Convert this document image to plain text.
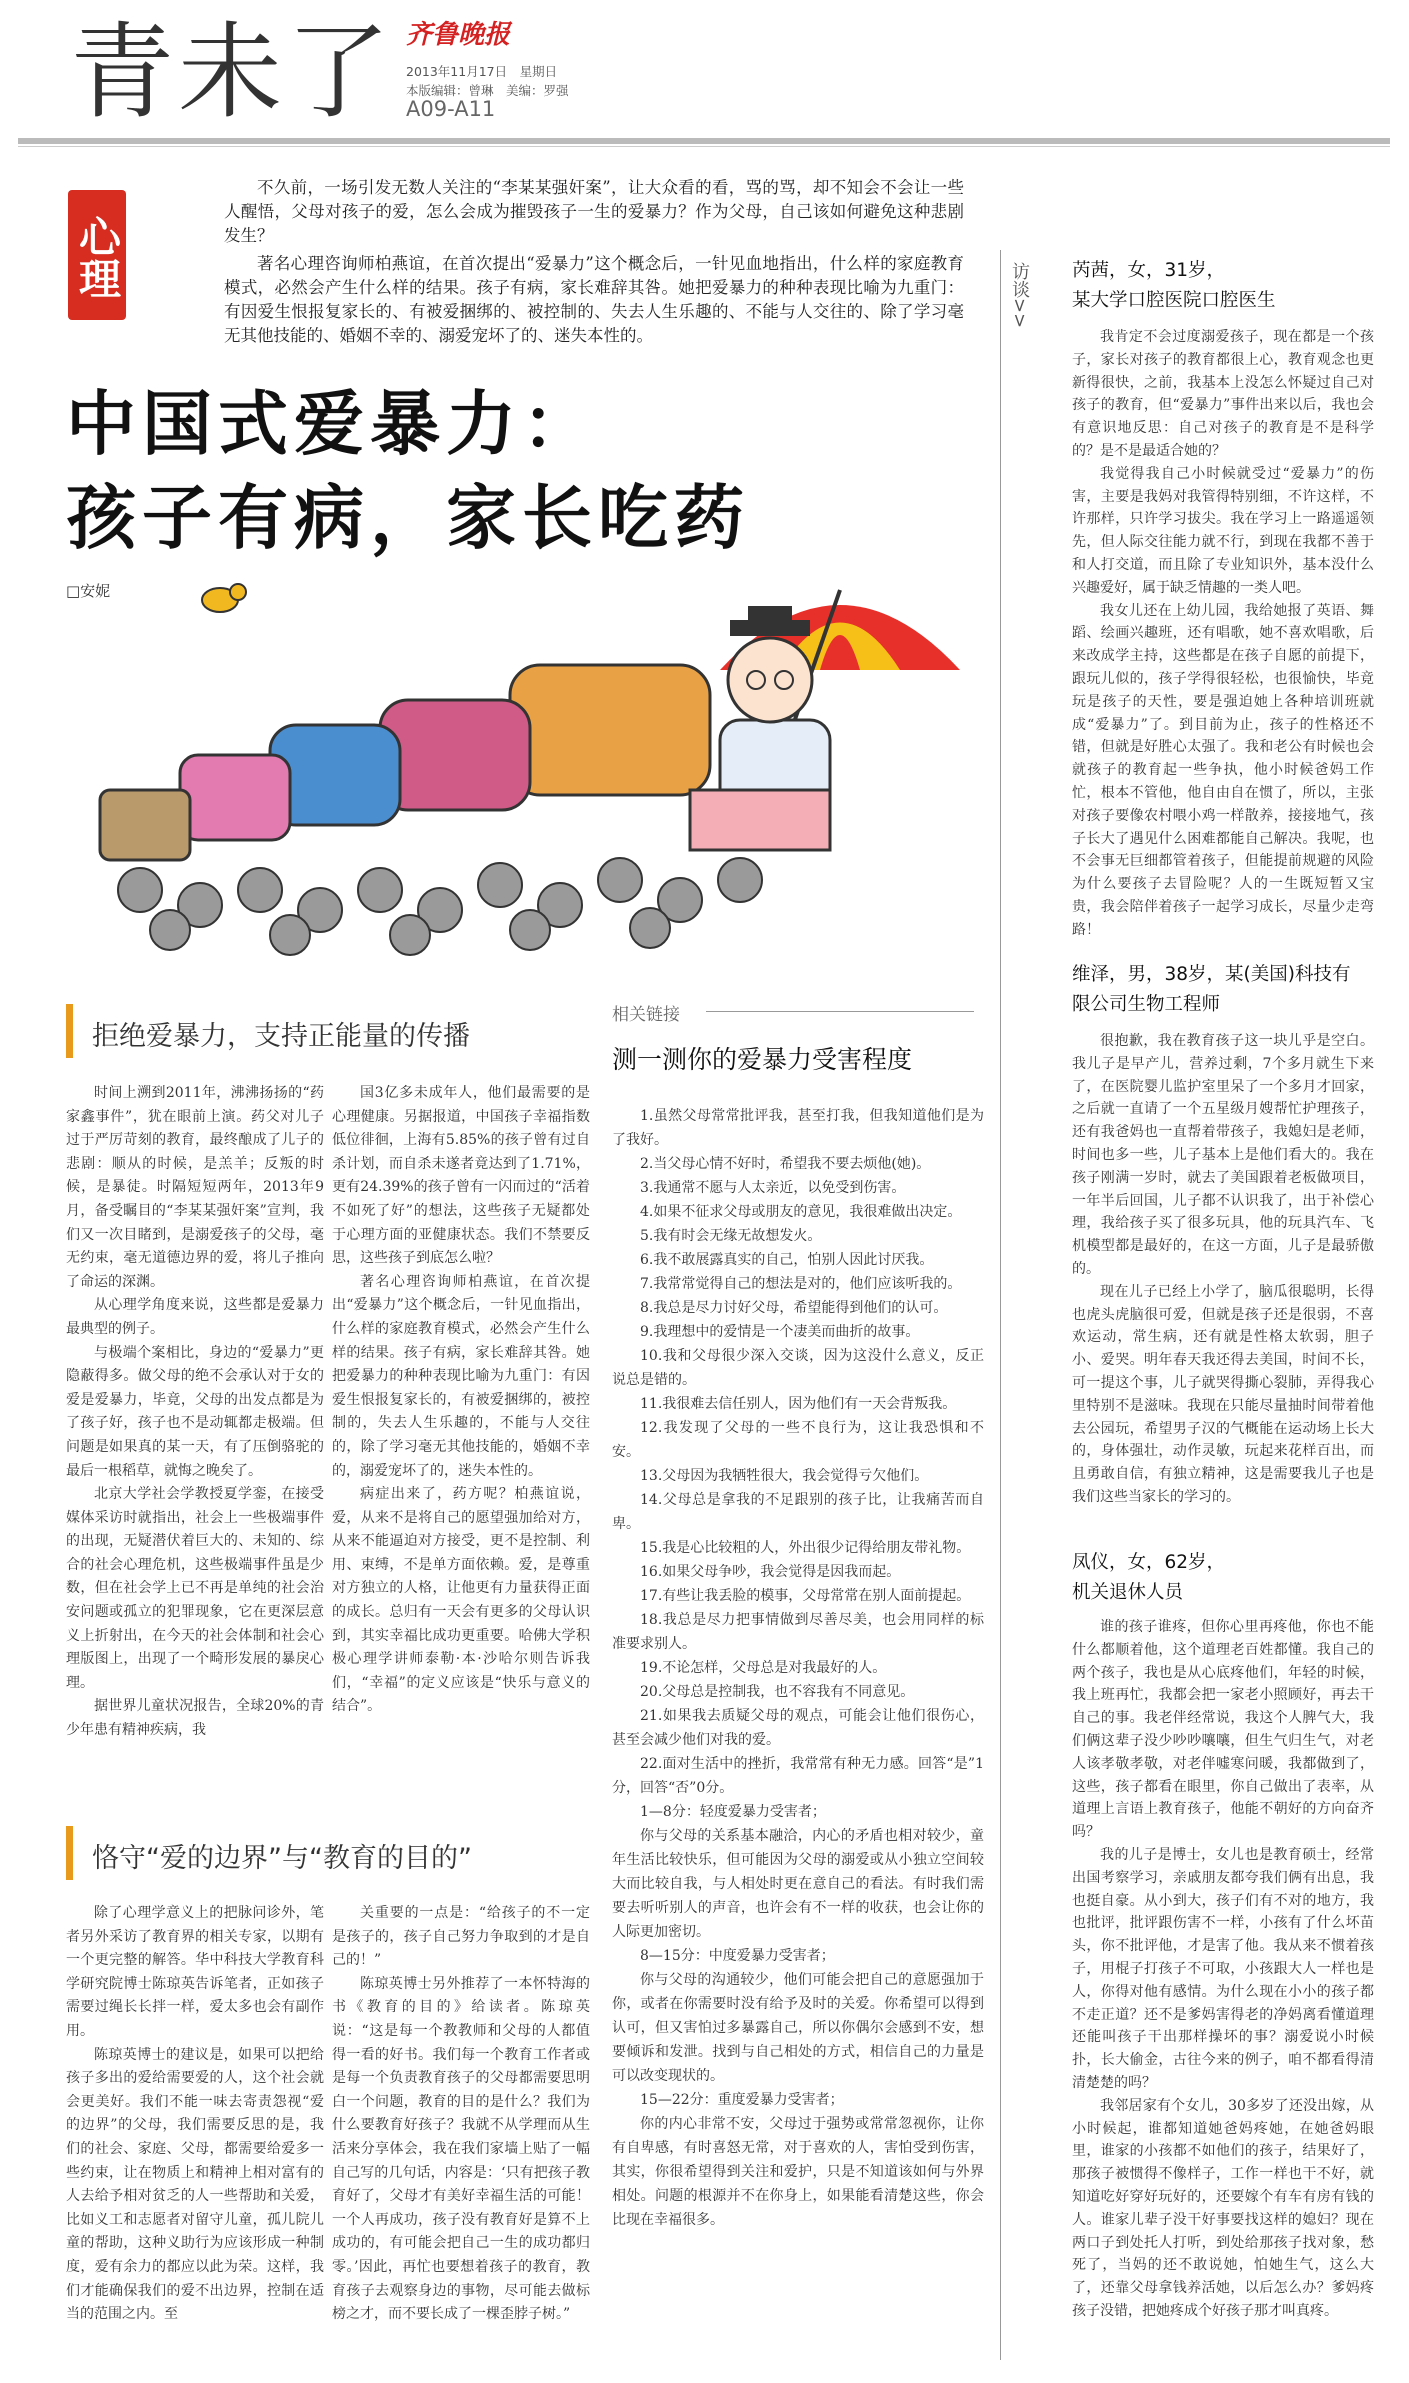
青未了 齐鲁晚报
2013年11月17日　星期日
本版编辑：曾琳　美编：罗强
A09-A11
心理

不久前，一场引发无数人关注的“李某某强奸案”，让大众看的看，骂的骂，却不知会不会让一些人醒悟，父母对孩子的爱，怎么会成为摧毁孩子一生的爱暴力？作为父母，自己该如何避免这种悲剧发生？

著名心理咨询师柏燕谊，在首次提出“爱暴力”这个概念后，一针见血地指出，什么样的家庭教育模式，必然会产生什么样的结果。孩子有病，家长难辞其咎。她把爱暴力的种种表现比喻为九重门：有因爱生恨报复家长的、有被爱捆绑的、被控制的、失去人生乐趣的、不能与人交往的、除了学习毫无其他技能的、婚姻不幸的、溺爱宠坏了的、迷失本性的。

中国式爱暴力：
孩子有病，家长吃药
□安妮
拒绝爱暴力，支持正能量的传播

时间上溯到2011年，沸沸扬扬的“药家鑫事件”，犹在眼前上演。药父对儿子过于严厉苛刻的教育，最终酿成了儿子的悲剧：顺从的时候，是羔羊；反叛的时候，是暴徒。时隔短短两年，2013年9月，备受瞩目的“李某某强奸案”宣判，我们又一次目睹到，是溺爱孩子的父母，毫无约束，毫无道德边界的爱，将儿子推向了命运的深渊。

从心理学角度来说，这些都是爱暴力最典型的例子。

与极端个案相比，身边的“爱暴力”更隐蔽得多。做父母的绝不会承认对于女的爱是爱暴力，毕竟，父母的出发点都是为了孩子好，孩子也不是动辄都走极端。但问题是如果真的某一天，有了压倒骆驼的最后一根稻草，就悔之晚矣了。

北京大学社会学教授夏学銮，在接受媒体采访时就指出，社会上一些极端事件的出现，无疑潜伏着巨大的、未知的、综合的社会心理危机，这些极端事件虽是少数，但在社会学上已不再是单纯的社会治安问题或孤立的犯罪现象，它在更深层意义上折射出，在今天的社会体制和社会心理版图上，出现了一个畸形发展的暴戾心理。

据世界儿童状况报告，全球20%的青少年患有精神疾病，我

国3亿多未成年人，他们最需要的是心理健康。另据报道，中国孩子幸福指数低位徘徊，上海有5.85%的孩子曾有过自杀计划，而自杀未遂者竟达到了1.71%，更有24.39%的孩子曾有一闪而过的“活着不如死了好”的想法，这些孩子无疑都处于心理方面的亚健康状态。我们不禁要反思，这些孩子到底怎么啦？

著名心理咨询师柏燕谊，在首次提出“爱暴力”这个概念后，一针见血指出，什么样的家庭教育模式，必然会产生什么样的结果。孩子有病，家长难辞其咎。她把爱暴力的种种表现比喻为九重门：有因爱生恨报复家长的，有被爱捆绑的，被控制的，失去人生乐趣的，不能与人交往的，除了学习毫无其他技能的，婚姻不幸的，溺爱宠坏了的，迷失本性的。

病症出来了，药方呢？柏燕谊说，爱，从来不是将自己的愿望强加给对方，从来不能逼迫对方接受，更不是控制、利用、束缚，不是单方面依赖。爱，是尊重对方独立的人格，让他更有力量获得正面的成长。总归有一天会有更多的父母认识到，其实幸福比成功更重要。哈佛大学积极心理学讲师泰勒·本·沙哈尔则告诉我们，“幸福”的定义应该是“快乐与意义的结合”。

恪守“爱的边界”与“教育的目的”

除了心理学意义上的把脉问诊外，笔者另外采访了教育界的相关专家，以期有一个更完整的解答。华中科技大学教育科学研究院博士陈琼英告诉笔者，正如孩子需要过绳长长拌一样，爱太多也会有副作用。

陈琼英博士的建议是，如果可以把给孩子多出的爱给需要爱的人，这个社会就会更美好。我们不能一味去寄责怨视“爱的边界”的父母，我们需要反思的是，我们的社会、家庭、父母，都需要给爱多一些约束，让在物质上和精神上相对富有的人去给予相对贫乏的人一些帮助和关爱，比如义工和志愿者对留守儿童，孤儿院儿童的帮助，这种义助行为应该形成一种制度，爱有余力的都应以此为荣。这样，我们才能确保我们的爱不出边界，控制在适当的范围之内。至

关重要的一点是：“给孩子的不一定是孩子的，孩子自己努力争取到的才是自己的！”

陈琼英博士另外推荐了一本怀特海的书《教育的目的》给读者。陈琼英说：“这是每一个教教师和父母的人都值得一看的好书。我们每一个教育工作者或是每一个负责教育孩子的父母都需要思明白一个问题，教育的目的是什么？我们为什么要教育好孩子？我就不从学理而从生活来分享体会，我在我们家墙上贴了一幅自己写的几句话，内容是：‘只有把孩子教育好了，父母才有美好幸福生活的可能！一个人再成功，孩子没有教育好是算不上成功的，有可能会把自己一生的成功都归零。’因此，再忙也要想着孩子的教育，教育孩子去观察身边的事物，尽可能去做标榜之才，而不要长成了一棵歪脖子树。”

相关链接
测一测你的爱暴力受害程度

1.虽然父母常常批评我，甚至打我，但我知道他们是为了我好。

2.当父母心情不好时，希望我不要去烦他(她)。

3.我通常不愿与人太亲近，以免受到伤害。

4.如果不征求父母或朋友的意见，我很难做出决定。

5.我有时会无缘无故想发火。

6.我不敢展露真实的自己，怕别人因此讨厌我。

7.我常常觉得自己的想法是对的，他们应该听我的。

8.我总是尽力讨好父母，希望能得到他们的认可。

9.我理想中的爱情是一个凄美而曲折的故事。

10.我和父母很少深入交谈，因为这没什么意义，反正说总是错的。

11.我很难去信任别人，因为他们有一天会背叛我。

12.我发现了父母的一些不良行为，这让我恐惧和不安。

13.父母因为我牺牲很大，我会觉得亏欠他们。

14.父母总是拿我的不足跟别的孩子比，让我痛苦而自卑。

15.我是心比较粗的人，外出很少记得给朋友带礼物。

16.如果父母争吵，我会觉得是因我而起。

17.有些让我丢脸的模事，父母常常在别人面前提起。

18.我总是尽力把事情做到尽善尽美，也会用同样的标准要求别人。

19.不论怎样，父母总是对我最好的人。

20.父母总是控制我，也不容我有不同意见。

21.如果我去质疑父母的观点，可能会让他们很伤心，甚至会减少他们对我的爱。

22.面对生活中的挫折，我常常有种无力感。回答“是”1分，回答“否”0分。

1—8分：轻度爱暴力受害者；

你与父母的关系基本融洽，内心的矛盾也相对较少，童年生活比较快乐，但可能因为父母的溺爱或从小独立空间较大而比较自我，与人相处时更在意自己的看法。有时我们需要去听听别人的声音，也许会有不一样的收获，也会让你的人际更加密切。

8—15分：中度爱暴力受害者；

你与父母的沟通较少，他们可能会把自己的意愿强加于你，或者在你需要时没有给予及时的关爱。你希望可以得到认可，但又害怕过多暴露自己，所以你偶尔会感到不安，想要倾诉和发泄。找到与自己相处的方式，相信自己的力量是可以改变现状的。

15—22分：重度爱暴力受害者；

你的内心非常不安，父母过于强势或常常忽视你，让你有自卑感，有时喜怒无常，对于喜欢的人，害怕受到伤害，其实，你很希望得到关注和爱护，只是不知道该如何与外界相处。问题的根源并不在你身上，如果能看清楚这些，你会比现在幸福很多。

访谈>> 芮茜，女，31岁，
某大学口腔医院口腔医生

我肯定不会过度溺爱孩子，现在都是一个孩子，家长对孩子的教育都很上心，教育观念也更新得很快，之前，我基本上没怎么怀疑过自己对孩子的教育，但“爱暴力”事件出来以后，我也会有意识地反思：自己对孩子的教育是不是科学的？是不是最适合她的？

我觉得我自己小时候就受过“爱暴力”的伤害，主要是我妈对我管得特别细，不许这样，不许那样，只许学习拔尖。我在学习上一路遥遥领先，但人际交往能力就不行，到现在我都不善于和人打交道，而且除了专业知识外，基本没什么兴趣爱好，属于缺乏情趣的一类人吧。

我女儿还在上幼儿园，我给她报了英语、舞蹈、绘画兴趣班，还有唱歌，她不喜欢唱歌，后来改成学主持，这些都是在孩子自愿的前提下，跟玩儿似的，孩子学得很轻松，也很愉快，毕竟玩是孩子的天性，要是强迫她上各种培训班就成“爱暴力”了。到目前为止，孩子的性格还不错，但就是好胜心太强了。我和老公有时候也会就孩子的教育起一些争执，他小时候爸妈工作忙，根本不管他，他自由自在惯了，所以，主张对孩子要像农村喂小鸡一样散养，接接地气，孩子长大了遇见什么困难都能自己解决。我呢，也不会事无巨细都管着孩子，但能提前规避的风险为什么要孩子去冒险呢？人的一生既短暂又宝贵，我会陪伴着孩子一起学习成长，尽量少走弯路！

维泽，男，38岁，某(美国)科技有
限公司生物工程师

很抱歉，我在教育孩子这一块儿乎是空白。我儿子是早产儿，营养过剩，7个多月就生下来了，在医院婴儿监护室里呆了一个多月才回家，之后就一直请了一个五星级月嫂帮忙护理孩子，还有我爸妈也一直帮着带孩子，我媳妇是老师，时间也多一些，儿子基本上是他们看大的。我在孩子刚满一岁时，就去了美国跟着老板做项目，一年半后回国，儿子都不认识我了，出于补偿心理，我给孩子买了很多玩具，他的玩具汽车、飞机模型都是最好的，在这一方面，儿子是最骄傲的。

现在儿子已经上小学了，脑瓜很聪明，长得也虎头虎脑很可爱，但就是孩子还是很弱，不喜欢运动，常生病，还有就是性格太软弱，胆子小、爱哭。明年春天我还得去美国，时间不长，可一提这个事，儿子就哭得撕心裂肺，弄得我心里特别不是滋味。我现在只能尽量抽时间带着他去公园玩，希望男子汉的气概能在运动场上长大的，身体强壮，动作灵敏，玩起来花样百出，而且勇敢自信，有独立精神，这是需要我儿子也是我们这些当家长的学习的。

凤仪，女，62岁，
机关退休人员

谁的孩子谁疼，但你心里再疼他，你也不能什么都顺着他，这个道理老百姓都懂。我自己的两个孩子，我也是从心底疼他们，年轻的时候，我上班再忙，我都会把一家老小照顾好，再去干自己的事。我老伴经常说，我这个人脾气大，我们俩这辈子没少吵吵嚷嚷，但生气归生气，对老人该孝敬孝敬，对老伴嘘寒问暖，我都做到了，这些，孩子都看在眼里，你自己做出了表率，从道理上言语上教育孩子，他能不朝好的方向奋齐吗？

我的儿子是博士，女儿也是教育硕士，经常出国考察学习，亲戚朋友都夸我们俩有出息，我也挺自豪。从小到大，孩子们有不对的地方，我也批评，批评跟伤害不一样，小孩有了什么坏苗头，你不批评他，才是害了他。我从来不惯着孩子，用棍子打孩子不可取，小孩跟大人一样也是人，你得对他有感情。为什么现在小小的孩子都不走正道？还不是爹妈害得老的净妈离看懂道理还能叫孩子干出那样操坏的事？溺爱说小时候扑，长大偷金，古往今来的例子，咱不都看得清清楚楚的吗？

我邻居家有个女儿，30多岁了还没出嫁，从小时候起，谁都知道她爸妈疼她，在她爸妈眼里，谁家的小孩都不如他们的孩子，结果好了，那孩子被惯得不像样子，工作一样也干不好，就知道吃好穿好玩好的，还要嫁个有车有房有钱的人。谁家儿辈子没干好事要找这样的媳妇？现在两口子到处托人打听，到处给那孩子找对象，愁死了，当妈的还不敢说她，怕她生气，这么大了，还靠父母拿钱养活她，以后怎么办？爹妈疼孩子没错，把她疼成个好孩子那才叫真疼。
